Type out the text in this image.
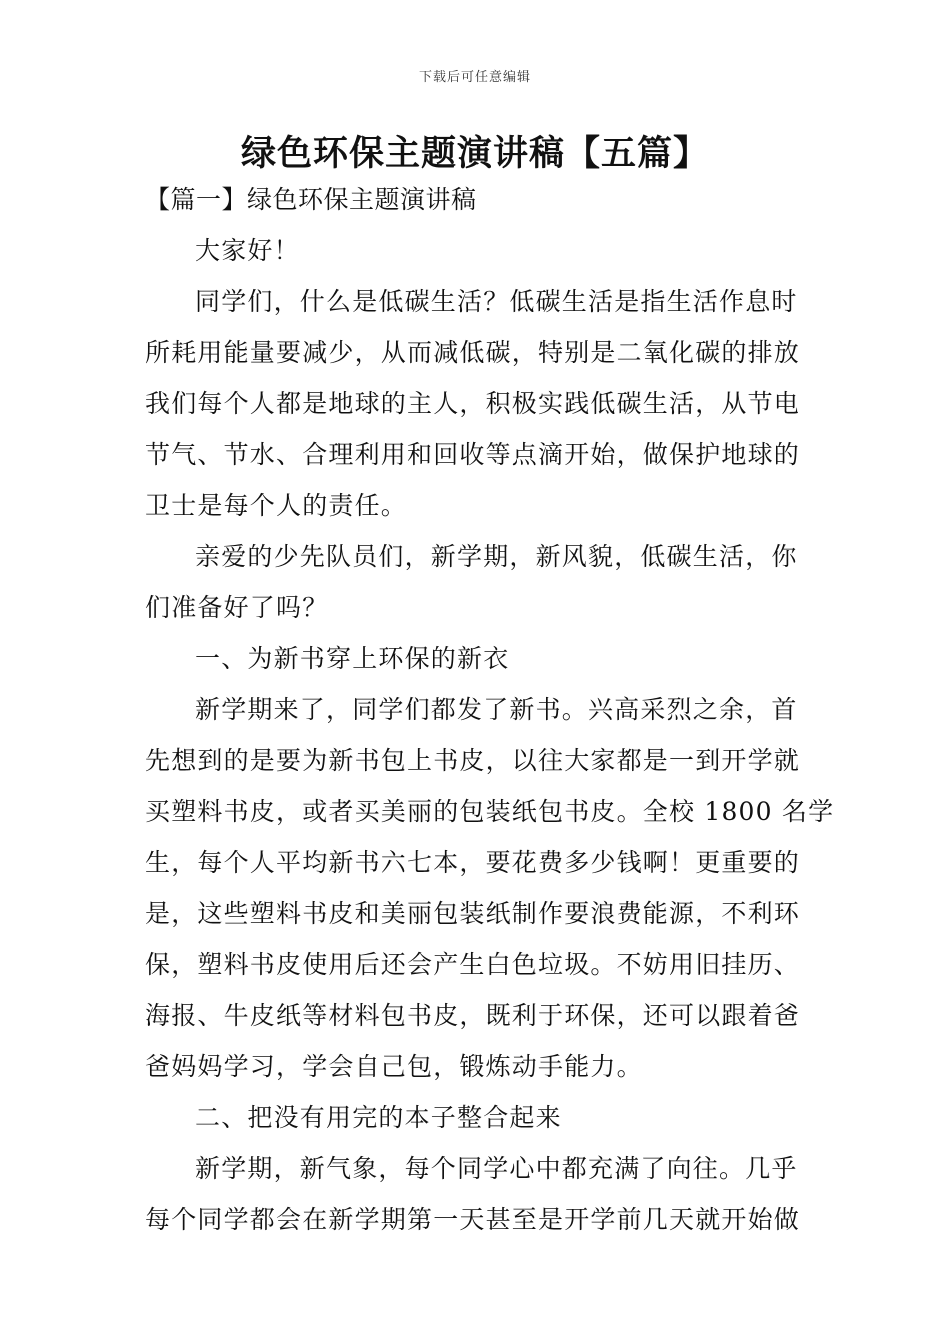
下载后可任意编辑
绿色环保主题演讲稿【五篇】
【篇一】绿色环保主题演讲稿
大家好！
同学们，什么是低碳生活？低碳生活是指生活作息时
所耗用能量要减少，从而减低碳，特别是二氧化碳的排放
我们每个人都是地球的主人，积极实践低碳生活，从节电
节气、节水、合理利用和回收等点滴开始，做保护地球的
卫士是每个人的责任。
亲爱的少先队员们，新学期，新风貌，低碳生活，你
们准备好了吗？
一、为新书穿上环保的新衣
新学期来了，同学们都发了新书。兴高采烈之余，首
先想到的是要为新书包上书皮，以往大家都是一到开学就
买塑料书皮，或者买美丽的包装纸包书皮。全校 1800 名学
生，每个人平均新书六七本，要花费多少钱啊！更重要的
是，这些塑料书皮和美丽包装纸制作要浪费能源，不利环
保，塑料书皮使用后还会产生白色垃圾。不妨用旧挂历、
海报、牛皮纸等材料包书皮，既利于环保，还可以跟着爸
爸妈妈学习，学会自己包，锻炼动手能力。
二、把没有用完的本子整合起来
新学期，新气象，每个同学心中都充满了向往。几乎
每个同学都会在新学期第一天甚至是开学前几天就开始做
